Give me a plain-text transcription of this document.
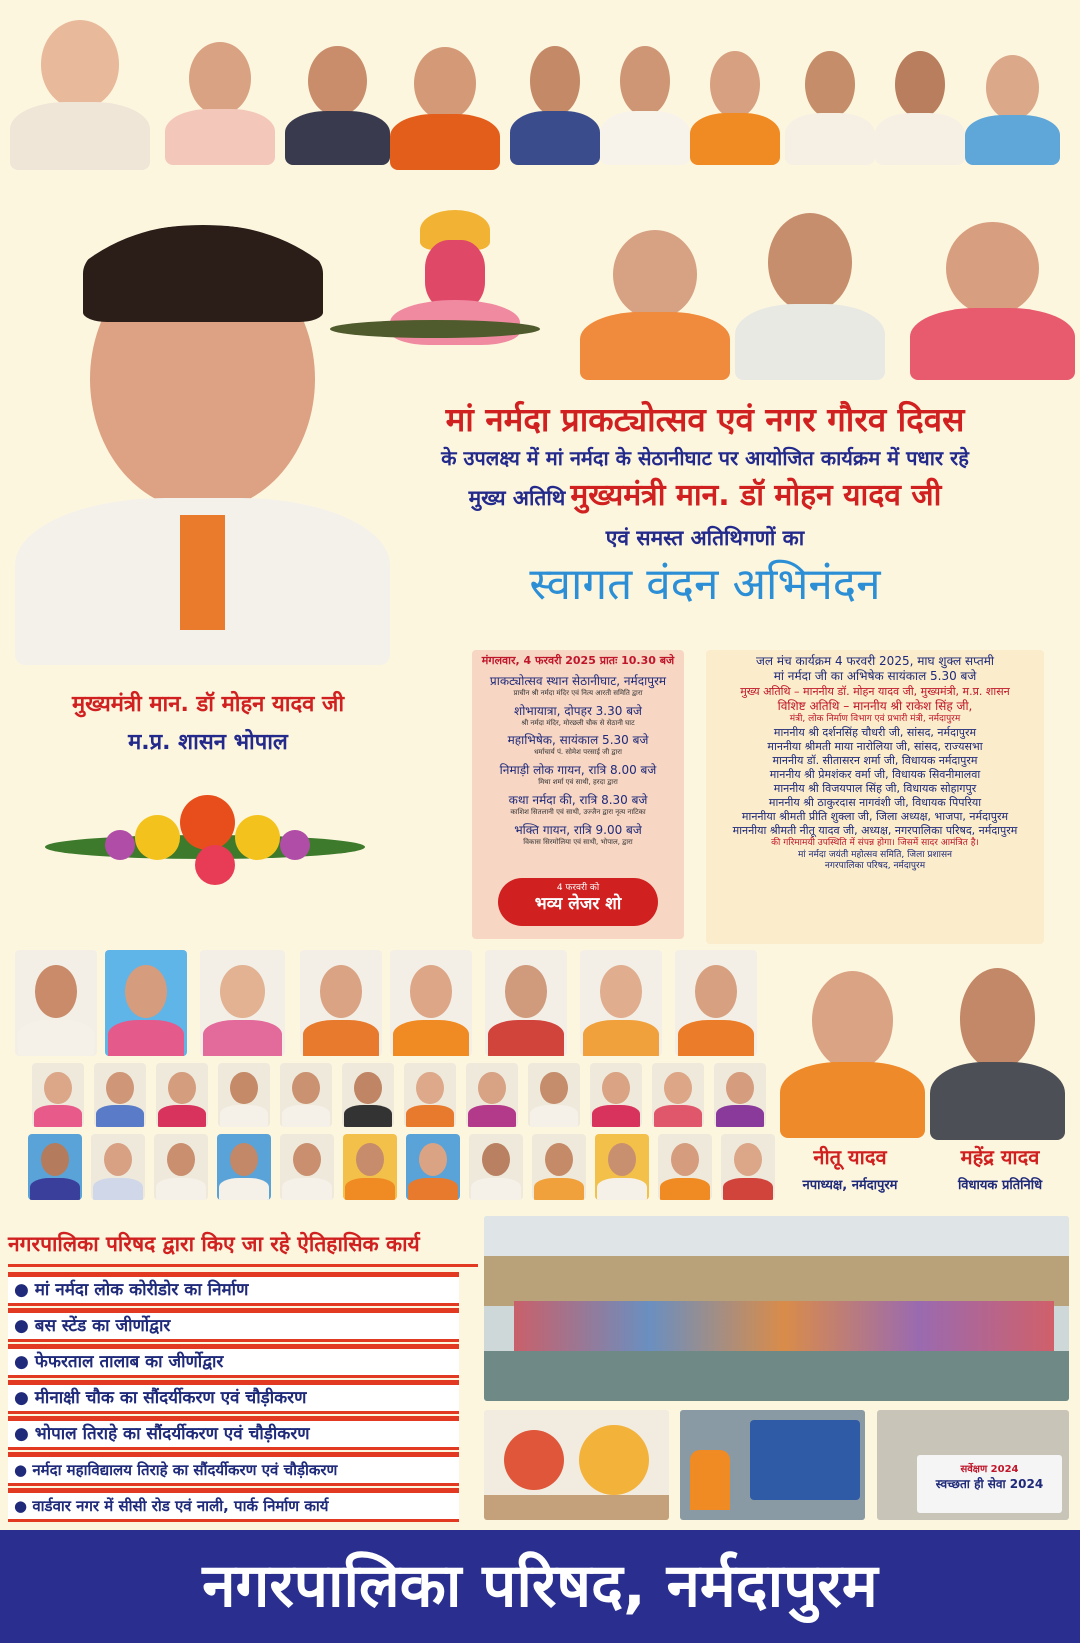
मां नर्मदा प्राकट्योत्सव एवं नगर गौरव दिवस
के उपलक्ष्य में मां नर्मदा के सेठानीघाट पर आयोजित कार्यक्रम में पधार रहे
मुख्य अतिथि मुख्यमंत्री मान. डॉ मोहन यादव जी
एवं समस्त अतिथिगणों का
स्वागत वंदन अभिनंदन
मुख्यमंत्री मान. डॉ मोहन यादव जी
म.प्र. शासन भोपाल
मंगलवार, 4 फरवरी 2025 प्रातः 10.30 बजे
प्राकट्योत्सव स्थान सेठानीघाट, नर्मदापुरम
प्राचीन श्री नर्मदा मंदिर एवं नित्य आरती समिति द्वारा
शोभायात्रा, दोपहर 3.30 बजे
श्री नर्मदा मंदिर, मोरछली चौक से सेठानी घाट
महाभिषेक, सायंकाल 5.30 बजे
धर्माचार्य पं. सोमेश परसाई जी द्वारा
निमाड़ी लोक गायन, रात्रि 8.00 बजे
मिथा शर्मा एवं साथी, हरदा द्वारा
कथा नर्मदा की, रात्रि 8.30 बजे
काशिश सितलानी एवं साथी, उज्जैन द्वारा नृत्य नाटिका
भक्ति गायन, रात्रि 9.00 बजे
विकास सिरमोलिया एवं साथी, भोपाल, द्वारा
4 फरवरी को
भव्य लेजर शो
जल मंच कार्यक्रम 4 फरवरी 2025, माघ शुक्ल सप्तमी
मां नर्मदा जी का अभिषेक सायंकाल 5.30 बजे
मुख्य अतिथि – माननीय डॉ. मोहन यादव जी, मुख्यमंत्री, म.प्र. शासन
विशिष्ट अतिथि – माननीय श्री राकेश सिंह जी,
मंत्री, लोक निर्माण विभाग एवं प्रभारी मंत्री, नर्मदापुरम
माननीय श्री दर्शनसिंह चौधरी जी, सांसद, नर्मदापुरम
माननीया श्रीमती माया नारोलिया जी, सांसद, राज्यसभा
माननीय डॉ. सीतासरन शर्मा जी, विधायक नर्मदापुरम
माननीय श्री प्रेमशंकर वर्मा जी, विधायक सिवनीमालवा
माननीय श्री विजयपाल सिंह जी, विधायक सोहागपुर
माननीय श्री ठाकुरदास नागवंशी जी, विधायक पिपरिया
माननीया श्रीमती प्रीति शुक्ला जी, जिला अध्यक्ष, भाजपा, नर्मदापुरम
माननीया श्रीमती नीतू यादव जी, अध्यक्ष, नगरपालिका परिषद, नर्मदापुरम
की गरिमामयी उपस्थिति में संपन्न होगा। जिसमें सादर आमंत्रित है।
मां नर्मदा जयंती महोत्सव समिति, जिला प्रशासन
नगरपालिका परिषद, नर्मदापुरम
नीतू यादव
नपाध्यक्ष, नर्मदापुरम
महेंद्र यादव
विधायक प्रतिनिधि
नगरपालिका परिषद द्वारा किए जा रहे ऐतिहासिक कार्य
● मां नर्मदा लोक कोरीडोर का निर्माण
● बस स्टेंड का जीर्णोद्वार
● फेफरताल तालाब का जीर्णोद्वार
● मीनाक्षी चौक का सौंदर्यीकरण एवं चौड़ीकरण
● भोपाल तिराहे का सौंदर्यीकरण एवं चौड़ीकरण
● नर्मदा महाविद्यालय तिराहे का सौंदर्यीकरण एवं चौड़ीकरण
● वार्डवार नगर में सीसी रोड एवं नाली, पार्क निर्माण कार्य
सर्वेक्षण 2024
स्वच्छता ही सेवा 2024
नगरपालिका परिषद, नर्मदापुरम
